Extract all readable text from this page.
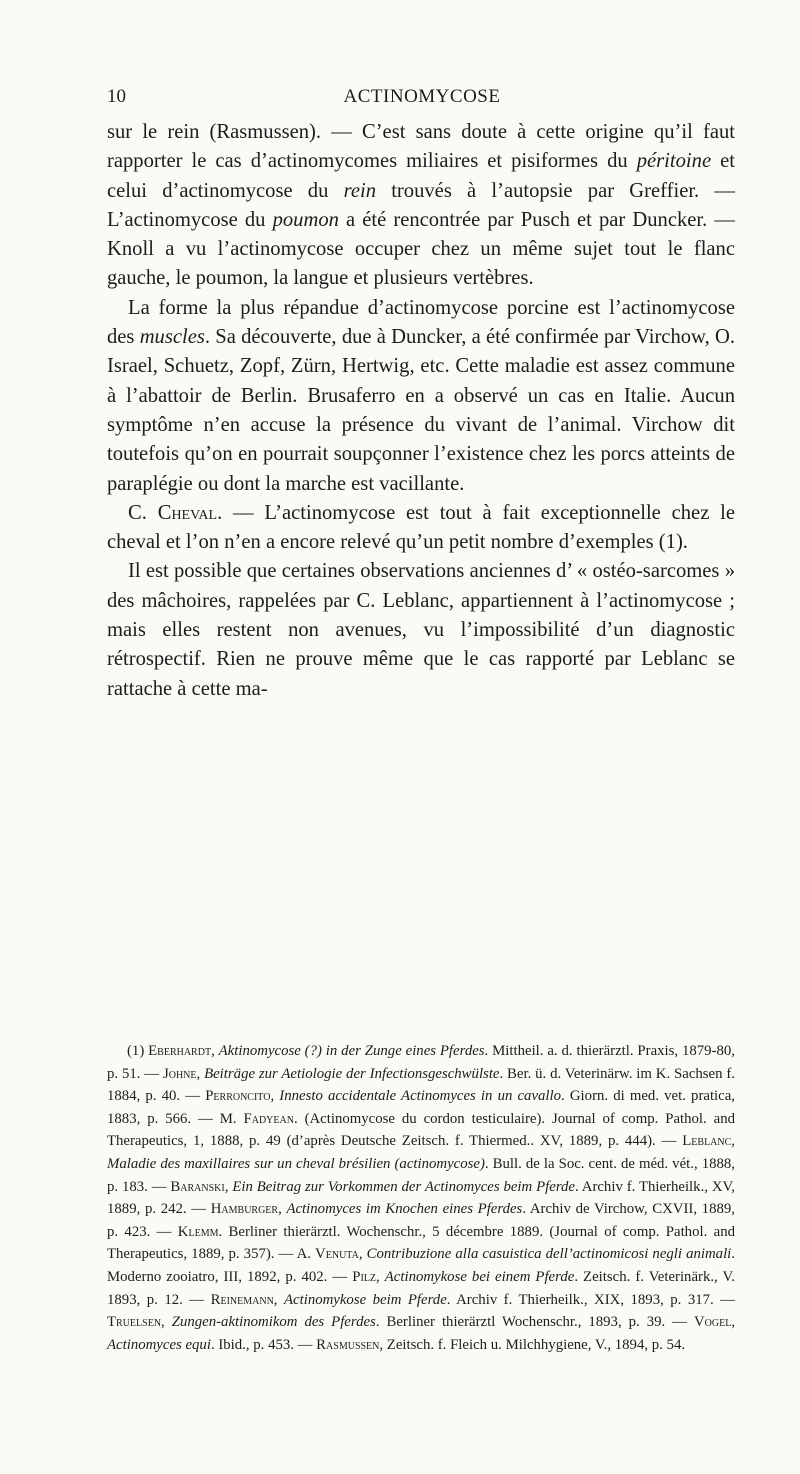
10	ACTINOMYCOSE

sur le rein (Rasmussen). — C’est sans doute à cette origine qu’il faut rapporter le cas d’actinomycomes miliaires et pisiformes du péritoine et celui d’actinomycose du rein trouvés à l’autopsie par Greffier. — L’actinomycose du poumon a été rencontrée par Pusch et par Duncker. — Knoll a vu l’actinomycose occuper chez un même sujet tout le flanc gauche, le poumon, la langue et plusieurs vertèbres.

La forme la plus répandue d’actinomycose porcine est l’actinomycose des muscles. Sa découverte, due à Duncker, a été confirmée par Virchow, O. Israel, Schuetz, Zopf, Zürn, Hertwig, etc. Cette maladie est assez commune à l’abattoir de Berlin. Brusaferro en a observé un cas en Italie. Aucun symptôme n’en accuse la présence du vivant de l’animal. Virchow dit toutefois qu’on en pourrait soupçonner l’existence chez les porcs atteints de paraplégie ou dont la marche est vacillante.

C. Cheval. — L’actinomycose est tout à fait exceptionnelle chez le cheval et l’on n’en a encore relevé qu’un petit nombre d’exemples (1).

Il est possible que certaines observations anciennes d’ « ostéo-sarcomes » des mâchoires, rappelées par C. Leblanc, appartiennent à l’actinomycose ; mais elles restent non avenues, vu l’impossibilité d’un diagnostic rétrospectif. Rien ne prouve même que le cas rapporté par Leblanc se rattache à cette ma-

(1) Eberhardt, Aktinomycose (?) in der Zunge eines Pferdes. Mittheil. a. d. thierärztl. Praxis, 1879-80, p. 51. — Johne, Beiträge zur Aetiologie der Infectionsgeschwülste. Ber. ü. d. Veterinärw. im K. Sachsen f. 1884, p. 40. — Perroncito, Innesto accidentale Actinomyces in un cavallo. Giorn. di med. vet. pratica, 1883, p. 566. — M. Fadyean. (Actinomycose du cordon testiculaire). Journal of comp. Pathol. and Therapeutics, 1, 1888, p. 49 (d’après Deutsche Zeitsch. f. Thiermed.. XV, 1889, p. 444). — Leblanc, Maladie des maxillaires sur un cheval brésilien (actinomycose). Bull. de la Soc. cent. de méd. vét., 1888, p. 183. — Baranski, Ein Beitrag zur Vorkommen der Actinomyces beim Pferde. Archiv f. Thierheilk., XV, 1889, p. 242. — Hamburger, Actinomyces im Knochen eines Pferdes. Archiv de Virchow, CXVII, 1889, p. 423. — Klemm. Berliner thierärztl. Wochenschr., 5 décembre 1889. (Journal of comp. Pathol. and Therapeutics, 1889, p. 357). — A. Venuta, Contribuzione alla casuistica dell’actinomicosi negli animali. Moderno zooiatro, III, 1892, p. 402. — Pilz, Actinomykose bei einem Pferde. Zeitsch. f. Veterinärk., V. 1893, p. 12. — Reinemann, Actinomykose beim Pferde. Archiv f. Thierheilk., XIX, 1893, p. 317. — Truelsen, Zungen-aktinomikom des Pferdes. Berliner thierärztl Wochenschr., 1893, p. 39. — Vogel, Actinomyces equi. Ibid., p. 453. — Rasmussen, Zeitsch. f. Fleich u. Milchhygiene, V., 1894, p. 54.
